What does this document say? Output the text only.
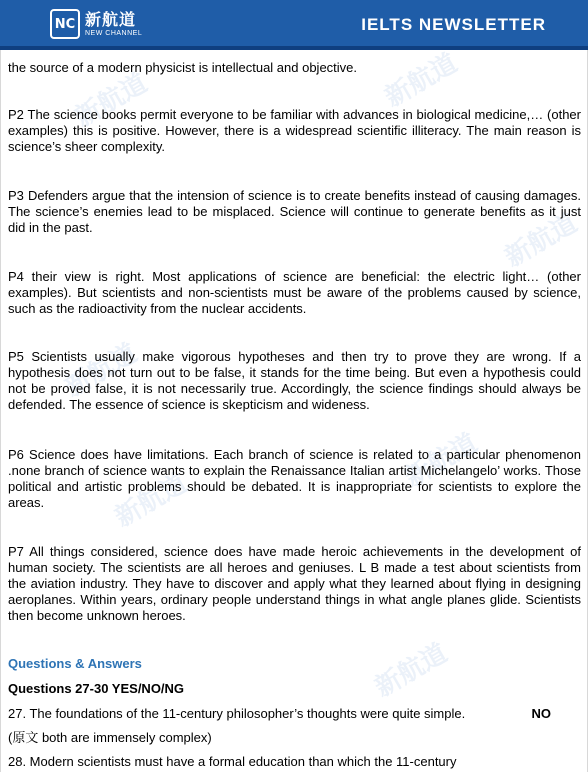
NC 新航道
NEW CHANNEL	IELTS NEWSLETTER
新航道	新航道
新航道
新航道
新航道
新航道
新航道

the source of a modern physicist is intellectual and objective.

P2 The science books permit everyone to be familiar with advances in biological medicine,… (other examples) this is positive. However, there is a widespread scientific illiteracy. The main reason is science’s sheer complexity.

P3 Defenders argue that the intension of science is to create benefits instead of causing damages. The science’s enemies lead to be misplaced. Science will continue to generate benefits as it just did in the past.

P4 their view is right. Most applications of science are beneficial: the electric light… (other examples). But scientists and non-scientists must be aware of the problems caused by science, such as the radioactivity from the nuclear accidents.

P5 Scientists usually make vigorous hypotheses and then try to prove they are wrong. If a hypothesis does not turn out to be false, it stands for the time being. But even a hypothesis could not be proved false, it is not necessarily true. Accordingly, the science findings should always be defended. The essence of science is skepticism and wideness.

P6 Science does have limitations. Each branch of science is related to a particular phenomenon .none branch of science wants to explain the Renaissance Italian artist Michelangelo’ works. Those political and artistic problems should be debated. It is inappropriate for scientists to explore the areas.

P7 All things considered, science does have made heroic achievements in the development of human society. The scientists are all heroes and geniuses. L B made a test about scientists from the aviation industry. They have to discover and apply what they learned about flying in designing aeroplanes. Within years, ordinary people understand things in what angle planes glide. Scientists then become unknown heroes.

Questions & Answers
Questions 27-30 YES/NO/NG
27. The foundations of the 11-century philosopher’s thoughts were quite simple.	NO
(原文 both are immensely complex)
28. Modern scientists must have a formal education than which the 11-century
